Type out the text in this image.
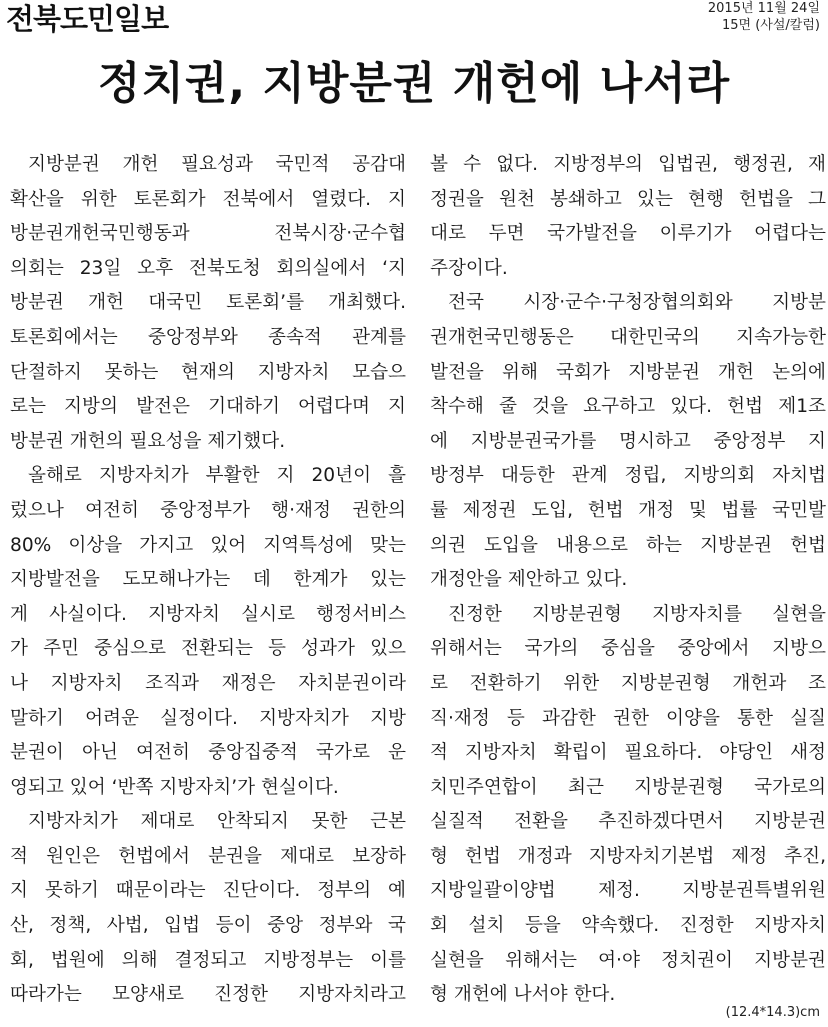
전북도민일보	2015년 11월 24일
15면 (사설/칼럼)
정치권, 지방분권 개헌에 나서라
지방분권 개헌 필요성과 국민적 공감대
확산을 위한 토론회가 전북에서 열렸다. 지
방분권개헌국민행동과 전북시장·군수협
의회는 23일 오후 전북도청 회의실에서 ‘지
방분권 개헌 대국민 토론회’를 개최했다.
토론회에서는 중앙정부와 종속적 관계를
단절하지 못하는 현재의 지방자치 모습으
로는 지방의 발전은 기대하기 어렵다며 지
방분권 개헌의 필요성을 제기했다.
올해로 지방자치가 부활한 지 20년이 흘
렀으나 여전히 중앙정부가 행·재정 권한의
80% 이상을 가지고 있어 지역특성에 맞는
지방발전을 도모해나가는 데 한계가 있는
게 사실이다. 지방자치 실시로 행정서비스
가 주민 중심으로 전환되는 등 성과가 있으
나 지방자치 조직과 재정은 자치분권이라
말하기 어려운 실정이다. 지방자치가 지방
분권이 아닌 여전히 중앙집중적 국가로 운
영되고 있어 ‘반쪽 지방자치’가 현실이다.
지방자치가 제대로 안착되지 못한 근본
적 원인은 헌법에서 분권을 제대로 보장하
지 못하기 때문이라는 진단이다. 정부의 예
산, 정책, 사법, 입법 등이 중앙 정부와 국
회, 법원에 의해 결정되고 지방정부는 이를
따라가는 모양새로 진정한 지방자치라고
볼 수 없다. 지방정부의 입법권, 행정권, 재
정권을 원천 봉쇄하고 있는 현행 헌법을 그
대로 두면 국가발전을 이루기가 어렵다는
주장이다.
전국 시장·군수·구청장협의회와 지방분
권개헌국민행동은 대한민국의 지속가능한
발전을 위해 국회가 지방분권 개헌 논의에
착수해 줄 것을 요구하고 있다. 헌법 제1조
에 지방분권국가를 명시하고 중앙정부 지
방정부 대등한 관계 정립, 지방의회 자치법
률 제정권 도입, 헌법 개정 및 법률 국민발
의권 도입을 내용으로 하는 지방분권 헌법
개정안을 제안하고 있다.
진정한 지방분권형 지방자치를 실현을
위해서는 국가의 중심을 중앙에서 지방으
로 전환하기 위한 지방분권형 개헌과 조
직·재정 등 과감한 권한 이양을 통한 실질
적 지방자치 확립이 필요하다. 야당인 새정
치민주연합이 최근 지방분권형 국가로의
실질적 전환을 추진하겠다면서 지방분권
형 헌법 개정과 지방자치기본법 제정 추진,
지방일괄이양법 제정. 지방분권특별위원
회 설치 등을 약속했다. 진정한 지방자치
실현을 위해서는 여·야 정치권이 지방분권
형 개헌에 나서야 한다.
(12.4*14.3)cm
